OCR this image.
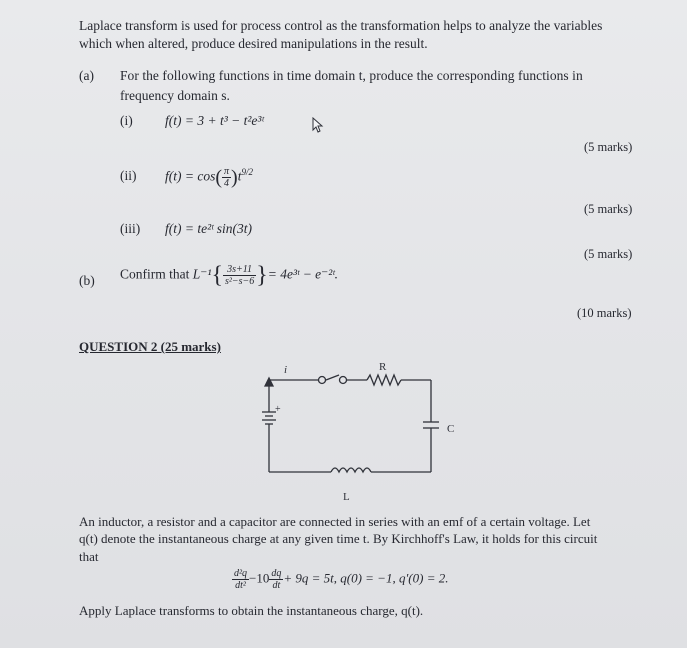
Laplace transform is used for process control as the transformation helps to analyze the variables
which when altered, produce desired manipulations in the result.
(a) For the following functions in time domain t, produce the corresponding functions in
frequency domain s.
(i) f(t) = 3 + t³ − t²e³ᵗ
(5 marks)
(ii) $f(t) = \cos( \frac{\pi}{4} )t^{9/2}$
(5 marks)
(iii) f(t) = te²ᵗ sin(3t)
(5 marks)
(b) Confirm that $L^{-1}\{ \frac{3s+11}{\text{s²−s−6}}$ }= 4e³ᵗ − e⁻²ᵗ.
(10 marks)
QUESTION 2 (25 marks)
i	R
+
C
L
An inductor, a resistor and a capacitor are connected in series with an emf of a certain voltage. Let
q(t) denote the instantaneous charge at any given time t. By Kirchhoff's Law, it holds for this circuit
that
$\frac{\text{d²q}}{\text{dt²}} -10 \frac{dq}{dt} + 9q = 5t$, q(0) = −1, q′(0) = 2.
Apply Laplace transforms to obtain the instantaneous charge, q(t).
